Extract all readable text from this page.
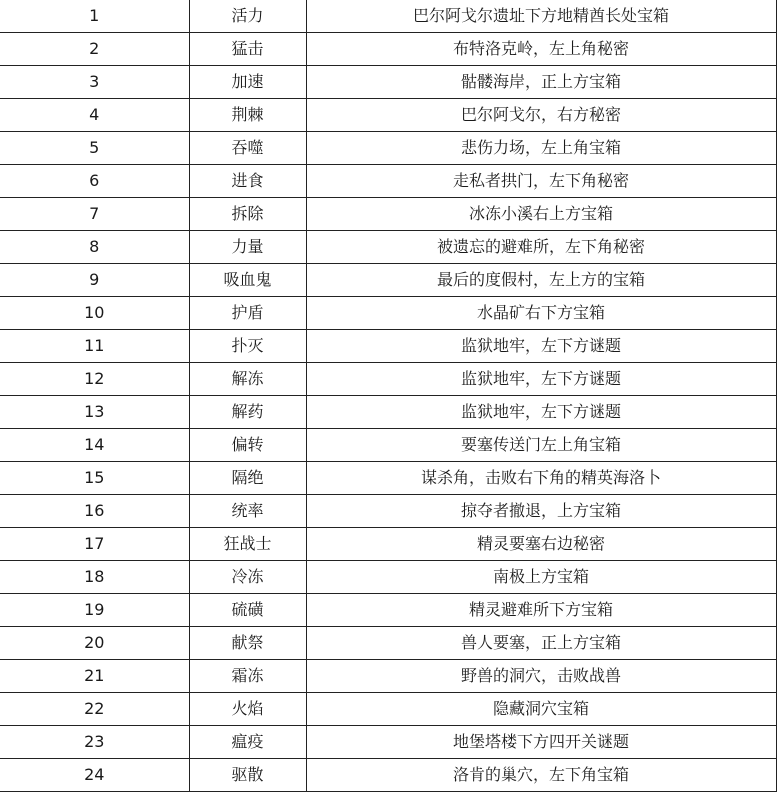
1	活力	巴尔阿戈尔遗址下方地精酋长处宝箱
2	猛击	布特洛克岭，左上角秘密
3	加速	骷髅海岸，正上方宝箱
4	荆棘	巴尔阿戈尔，右方秘密
5	吞噬	悲伤力场，左上角宝箱
6	进食	走私者拱门，左下角秘密
7	拆除	冰冻小溪右上方宝箱
8	力量	被遗忘的避难所，左下角秘密
9	吸血鬼	最后的度假村，左上方的宝箱
10	护盾	水晶矿右下方宝箱
11	扑灭	监狱地牢，左下方谜题
12	解冻	监狱地牢，左下方谜题
13	解药	监狱地牢，左下方谜题
14	偏转	要塞传送门左上角宝箱
15	隔绝	谋杀角，击败右下角的精英海洛卜
16	统率	掠夺者撤退，上方宝箱
17	狂战士	精灵要塞右边秘密
18	冷冻	南极上方宝箱
19	硫磺	精灵避难所下方宝箱
20	献祭	兽人要塞，正上方宝箱
21	霜冻	野兽的洞穴，击败战兽
22	火焰	隐藏洞穴宝箱
23	瘟疫	地堡塔楼下方四开关谜题
24	驱散	洛肯的巢穴，左下角宝箱
